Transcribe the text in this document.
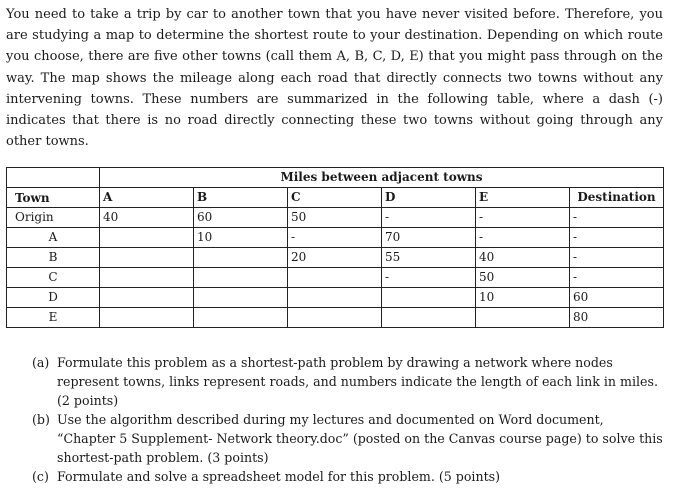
You need to take a trip by car to another town that you have never visited before. Therefore, you are studying a map to determine the shortest route to your destination. Depending on which route you choose, there are five other towns (call them A, B, C, D, E) that you might pass through on the way. The map shows the mileage along each road that directly connects two towns without any intervening towns. These numbers are summarized in the following table, where a dash (-) indicates that there is no road directly connecting these two towns without going through any other towns.

	Miles between adjacent towns					
Town	A	B	C	D	E	Destination
Origin	40	60	50	-	-	-
A		10	-	70	-	-
B			20	55	40	-
C				-	50	-
D					10	60
E						80
(a) Formulate this problem as a shortest-path problem by drawing a network where nodes represent towns, links represent roads, and numbers indicate the length of each link in miles. (2 points)
(b) Use the algorithm described during my lectures and documented on Word document, “Chapter 5 Supplement- Network theory.doc” (posted on the Canvas course page) to solve this shortest-path problem. (3 points)
(c) Formulate and solve a spreadsheet model for this problem. (5 points)
